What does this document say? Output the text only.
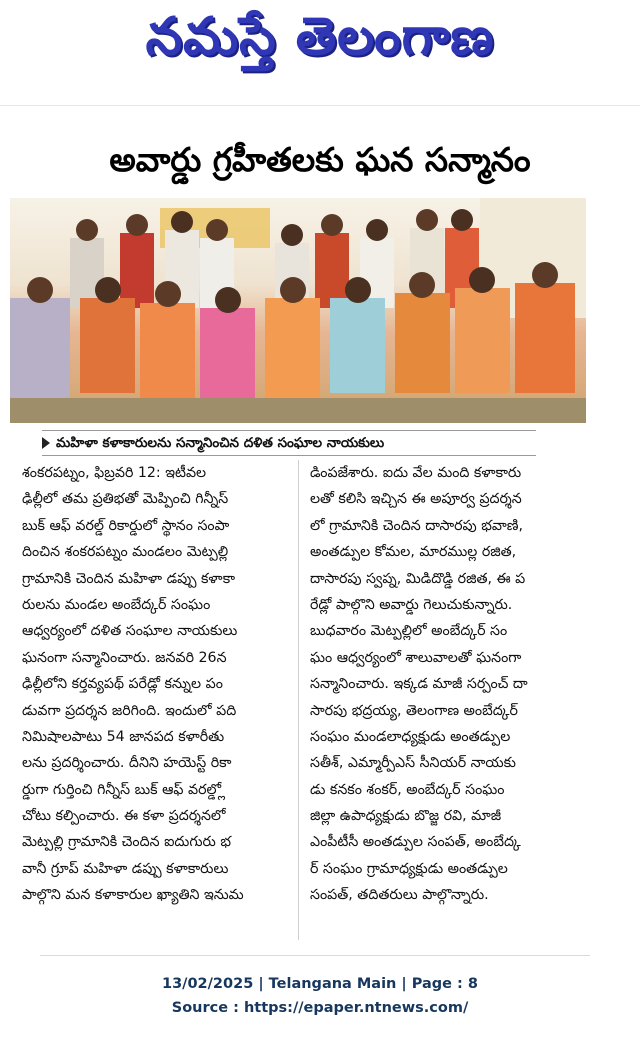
నమస్తే తెలంగాణ
అవార్డు గ్రహీతలకు ఘన సన్మానం
మహిళా కళాకారులను సన్మానించిన దళిత సంఘాల నాయకులు
శంకరపట్నం, ఫిబ్రవరి 12: ఇటీవల
ఢిల్లీలో తమ ప్రతిభతో మెప్పించి గిన్నీస్
బుక్ ఆఫ్ వరల్డ్ రికార్డులో స్థానం సంపా
దించిన శంకరపట్నం మండలం మెట్పల్లి
గ్రామానికి చెందిన మహిళా డప్పు కళాకా
రులను మండల అంబేద్కర్ సంఘం
ఆధ్వర్యంలో దళిత సంఘాల నాయకులు
ఘనంగా సన్మానించారు. జనవరి 26న
ఢిల్లీలోని కర్తవ్యపథ్ పరేడ్లో కన్నుల పం
డువగా ప్రదర్శన జరిగింది. ఇందులో పది
నిమిషాలపాటు 54 జానపద కళారీతు
లను ప్రదర్శించారు. దీనిని హయెస్ట్ రికా
ర్డుగా గుర్తించి గిన్నీస్ బుక్ ఆఫ్ వరల్డ్లో
చోటు కల్పించారు. ఈ కళా ప్రదర్శనలో
మెట్పల్లి గ్రామానికి చెందిన ఐదుగురు భ
వానీ గ్రూప్ మహిళా డప్పు కళాకారులు
పాల్గొని మన కళాకారుల ఖ్యాతిని ఇనుమ
డింపజేశారు. ఐదు వేల మంది కళాకారు
లతో కలిసి ఇచ్చిన ఈ అపూర్వ ప్రదర్శన
లో గ్రామానికి చెందిన దాసారపు భవాణి,
అంతడ్పుల కోమల, మారముల్ల రజిత,
దాసారపు స్వప్న, మిడిదొడ్డి రజిత, ఈ ప
రేడ్లో పాల్గొని అవార్డు గెలుచుకున్నారు.
బుధవారం మెట్పల్లిలో అంబేద్కర్ సం
ఘం ఆధ్వర్యంలో శాలువాలతో ఘనంగా
సన్మానించారు. ఇక్కడ మాజీ సర్పంచ్ దా
సారపు భద్రయ్య, తెలంగాణ అంబేద్కర్
సంఘం మండలాధ్యక్షుడు అంతడ్పుల
సతీశ్, ఎమ్మార్పీఎస్ సీనియర్ నాయకు
డు కనకం శంకర్, అంబేద్కర్ సంఘం
జిల్లా ఉపాధ్యక్షుడు బొజ్జ రవి, మాజీ
ఎంపీటీసీ అంతడ్పుల సంపత్, అంబేద్క
ర్ సంఘం గ్రామాధ్యక్షుడు అంతడ్పుల
సంపత్, తదితరులు పాల్గొన్నారు.
13/02/2025 | Telangana Main | Page : 8
Source : https://epaper.ntnews.com/
